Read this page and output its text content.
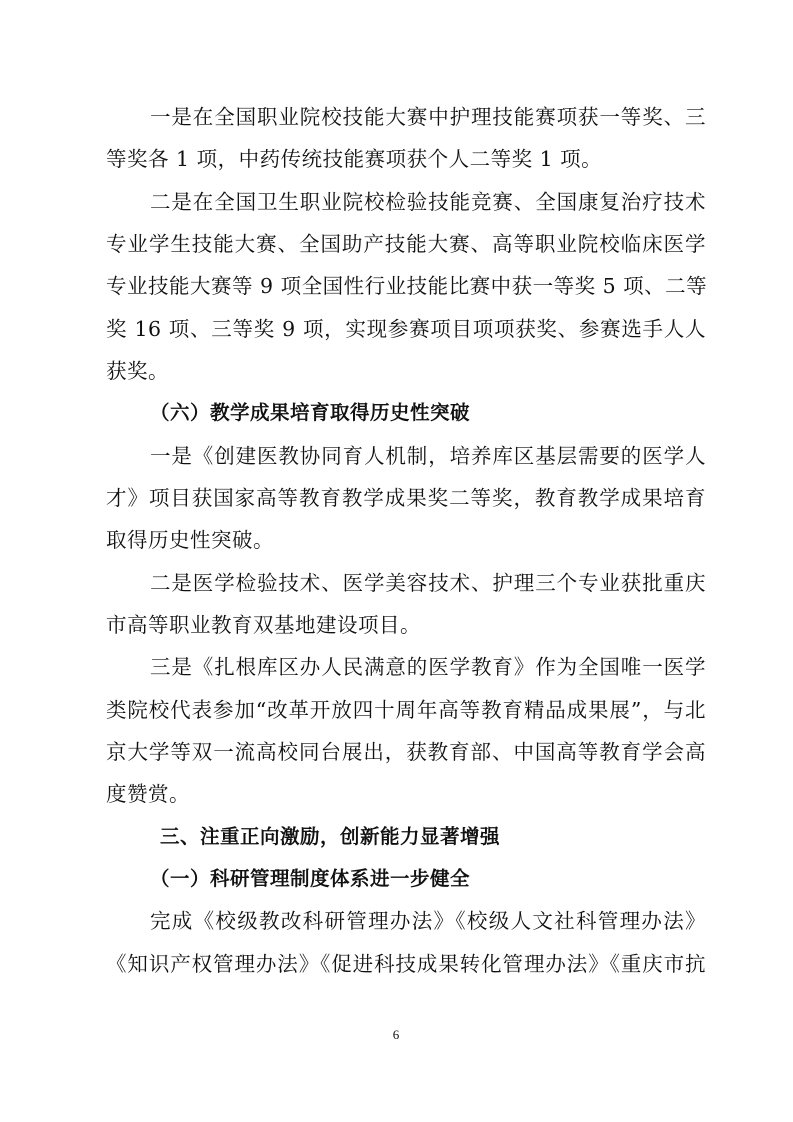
一是在全国职业院校技能大赛中护理技能赛项获一等奖、三
等奖各 1 项，中药传统技能赛项获个人二等奖 1 项。
二是在全国卫生职业院校检验技能竞赛、全国康复治疗技术
专业学生技能大赛、全国助产技能大赛、高等职业院校临床医学
专业技能大赛等 9 项全国性行业技能比赛中获一等奖 5 项、二等
奖 16 项、三等奖 9 项，实现参赛项目项项获奖、参赛选手人人
获奖。
（六）教学成果培育取得历史性突破
一是《创建医教协同育人机制，培养库区基层需要的医学人
才》项目获国家高等教育教学成果奖二等奖，教育教学成果培育
取得历史性突破。
二是医学检验技术、医学美容技术、护理三个专业获批重庆
市高等职业教育双基地建设项目。
三是《扎根库区办人民满意的医学教育》作为全国唯一医学
类院校代表参加“改革开放四十周年高等教育精品成果展”，与北
京大学等双一流高校同台展出，获教育部、中国高等教育学会高
度赞赏。
三、注重正向激励，创新能力显著增强
（一）科研管理制度体系进一步健全
完成《校级教改科研管理办法》《校级人文社科管理办法》
《知识产权管理办法》《促进科技成果转化管理办法》《重庆市抗
6
